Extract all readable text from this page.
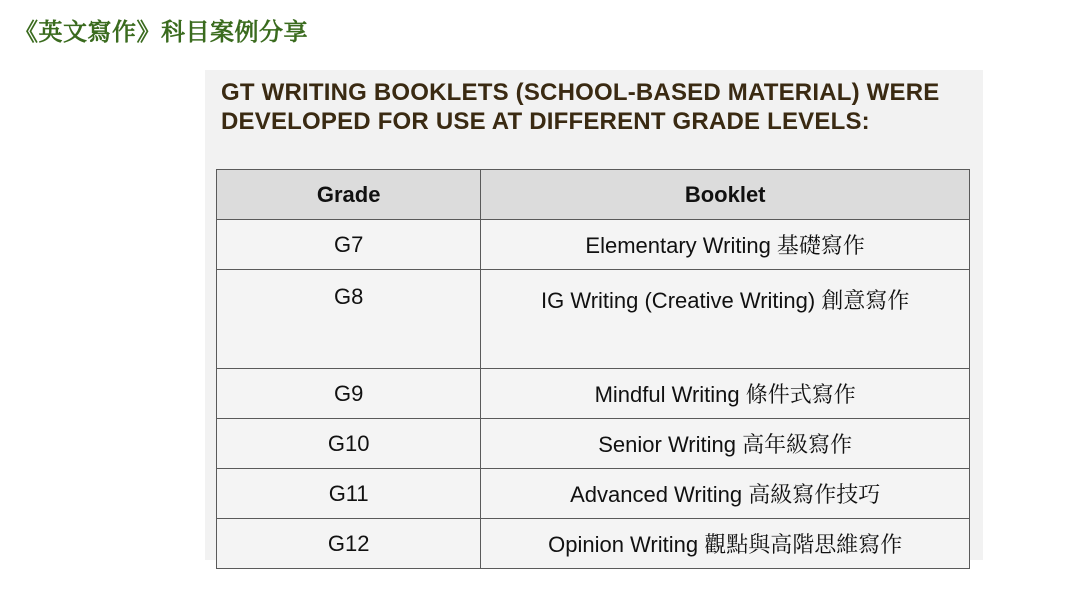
《英文寫作》科目案例分享
GT WRITING BOOKLETS (SCHOOL-BASED MATERIAL) WERE DEVELOPED FOR USE AT DIFFERENT GRADE LEVELS:
Grade	Booklet
G7	Elementary Writing 基礎寫作
G8	IG Writing (Creative Writing) 創意寫作
G9	Mindful Writing 條件式寫作
G10	Senior Writing 高年級寫作
G11	Advanced Writing 高級寫作技巧
G12	Opinion Writing 觀點與高階思維寫作
